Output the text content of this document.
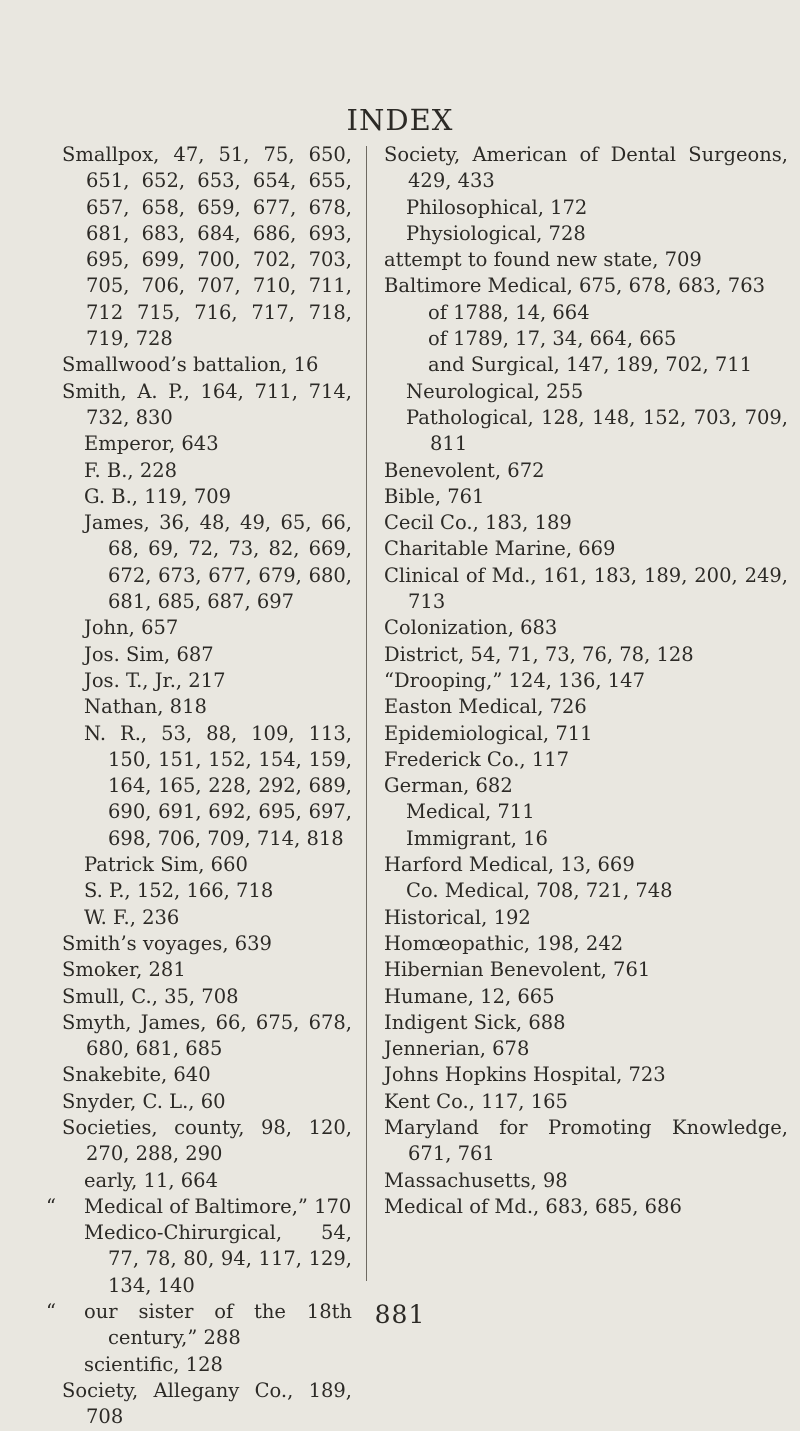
INDEX
Smallpox, 47, 51, 75, 650, 651, 652, 653, 654, 655, 657, 658, 659, 677, 678, 681, 683, 684, 686, 693, 695, 699, 700, 702, 703, 705, 706, 707, 710, 711, 712 715, 716, 717, 718, 719, 728
Smallwood’s battalion, 16
Smith, A. P., 164, 711, 714, 732, 830
Emperor, 643
F. B., 228
G. B., 119, 709
James, 36, 48, 49, 65, 66, 68, 69, 72, 73, 82, 669, 672, 673, 677, 679, 680, 681, 685, 687, 697
John, 657
Jos. Sim, 687
Jos. T., Jr., 217
Nathan, 818
N. R., 53, 88, 109, 113, 150, 151, 152, 154, 159, 164, 165, 228, 292, 689, 690, 691, 692, 695, 697, 698, 706, 709, 714, 818
Patrick Sim, 660
S. P., 152, 166, 718
W. F., 236
Smith’s voyages, 639
Smoker, 281
Smull, C., 35, 708
Smyth, James, 66, 675, 678, 680, 681, 685
Snakebite, 640
Snyder, C. L., 60
Societies, county, 98, 120, 270, 288, 290
early, 11, 664
“ Medical of Baltimore,” 170
Medico-Chirurgical, 54, 77, 78, 80, 94, 117, 129, 134, 140
“ our sister of the 18th century,” 288
scientific, 128
Society, Allegany Co., 189, 708
Society, American of Dental Surgeons, 429, 433
Philosophical, 172
Physiological, 728
attempt to found new state, 709
Baltimore Medical, 675, 678, 683, 763
of 1788, 14, 664
of 1789, 17, 34, 664, 665
and Surgical, 147, 189, 702, 711
Neurological, 255
Pathological, 128, 148, 152, 703, 709, 811
Benevolent, 672
Bible, 761
Cecil Co., 183, 189
Charitable Marine, 669
Clinical of Md., 161, 183, 189, 200, 249, 713
Colonization, 683
District, 54, 71, 73, 76, 78, 128
“Drooping,” 124, 136, 147
Easton Medical, 726
Epidemiological, 711
Frederick Co., 117
German, 682
Medical, 711
Immigrant, 16
Harford Medical, 13, 669
Co. Medical, 708, 721, 748
Historical, 192
Homœopathic, 198, 242
Hibernian Benevolent, 761
Humane, 12, 665
Indigent Sick, 688
Jennerian, 678
Johns Hopkins Hospital, 723
Kent Co., 117, 165
Maryland for Promoting Knowledge, 671, 761
Massachusetts, 98
Medical of Md., 683, 685, 686
881
